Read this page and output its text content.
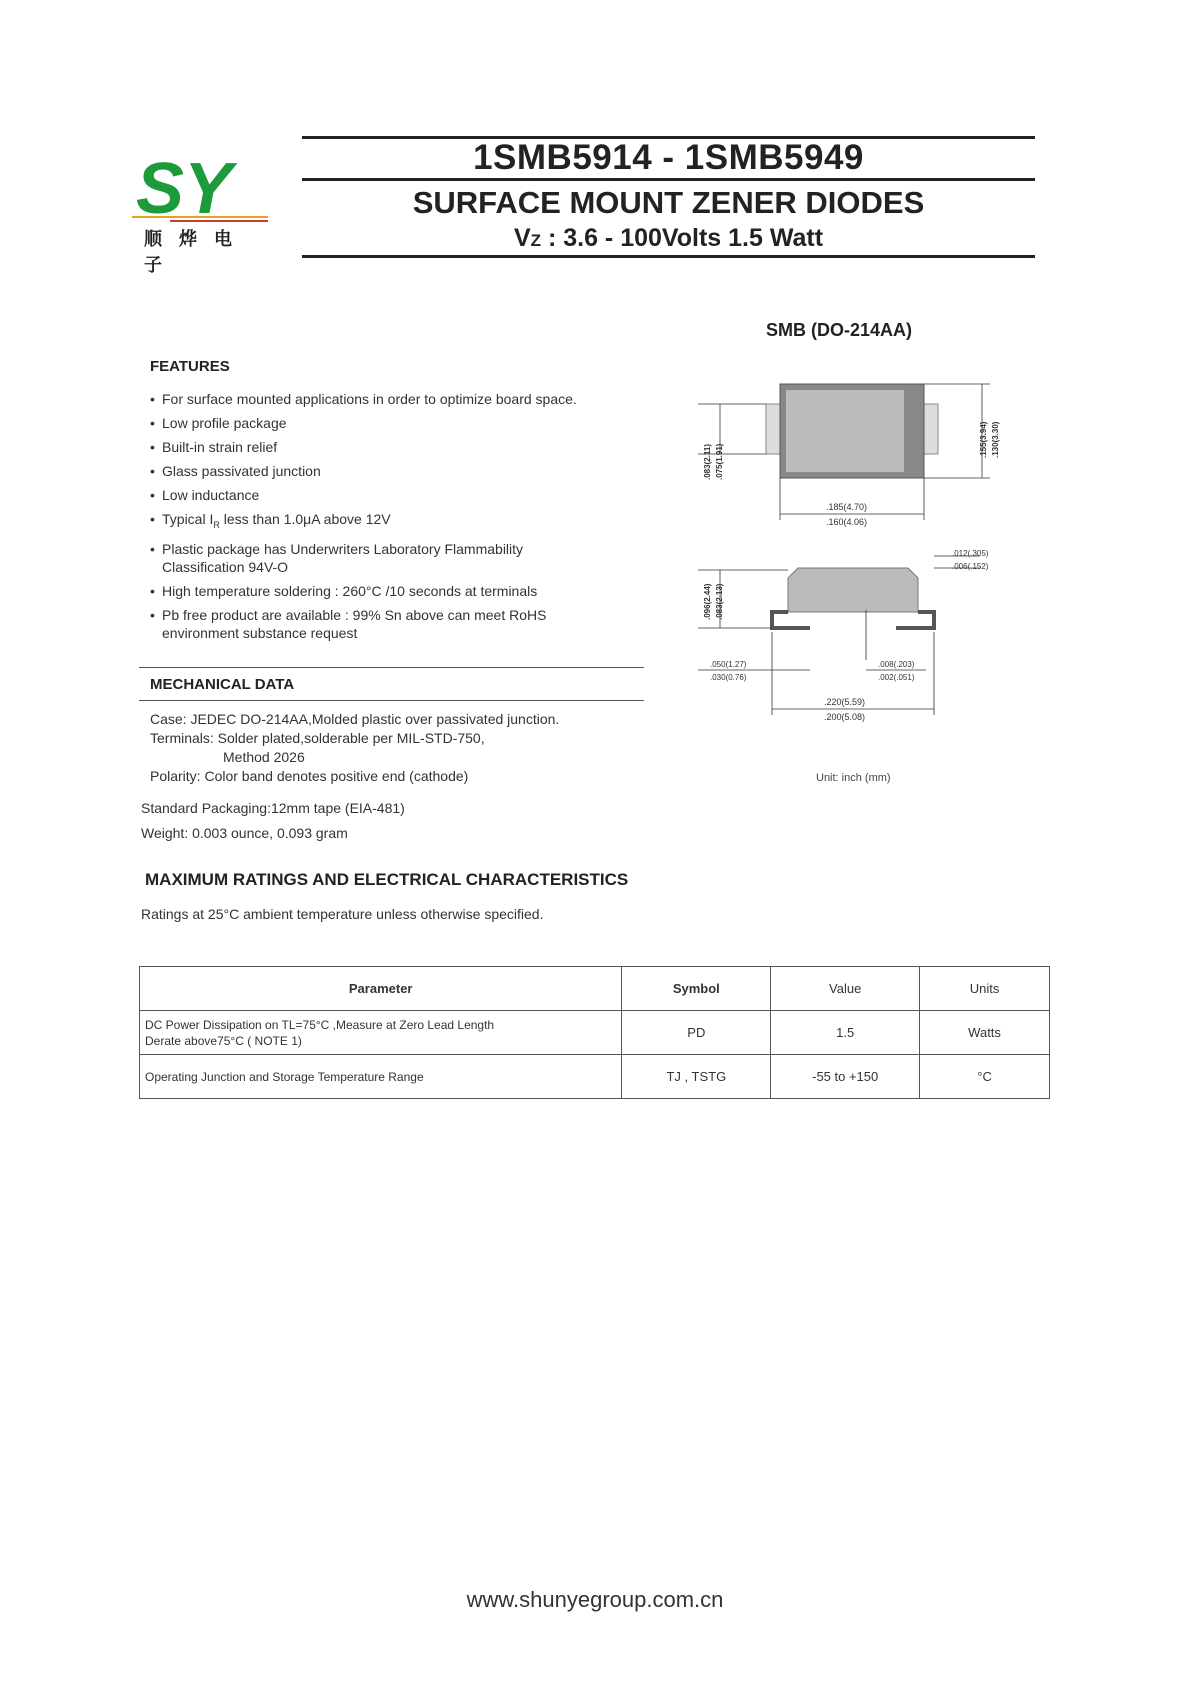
SY
顺 烨 电 子
1SMB5914 - 1SMB5949
SURFACE MOUNT ZENER DIODES
VZ : 3.6 - 100Volts 1.5 Watt
SMB (DO-214AA)
FEATURES
• For surface mounted applications in order to optimize board space.
• Low profile package
• Built-in strain relief
• Glass passivated junction
• Low inductance
• Typical $I_R$ less than 1.0μA above 12V
• Plastic package has Underwriters Laboratory Flammability Classification 94V-O
• High temperature soldering : 260°C /10 seconds at terminals
• Pb free product are available : 99% Sn above can meet RoHS environment substance request
MECHANICAL DATA
Case: JEDEC DO-214AA,Molded plastic over passivated junction.
Terminals: Solder plated,solderable per MIL-STD-750,
Method 2026
Polarity: Color band denotes positive end (cathode)
Standard Packaging:12mm tape (EIA-481)
Weight: 0.003 ounce, 0.093 gram
.083(2.11) .075(1.91)
.155(3.94) .130(3.30)
.185(4.70)
.160(4.06)
.096(2.44) .083(2.13)
.012(.305)
.006(.152)
.050(1.27)
.030(0.76)
.008(.203)
.002(.051)
.220(5.59)
.200(5.08)
Unit: inch (mm)
MAXIMUM RATINGS AND ELECTRICAL CHARACTERISTICS
Ratings at 25°C ambient temperature unless otherwise specified.
Parameter	Symbol	Value	Units

DC Power Dissipation on TL=75°C ,Measure at Zero Lead Length
Derate above75°C ( NOTE 1)	PD	1.5	Watts
Operating Junction and Storage Temperature Range	TJ , TSTG	-55 to +150	°C
www.shunyegroup.com.cn
